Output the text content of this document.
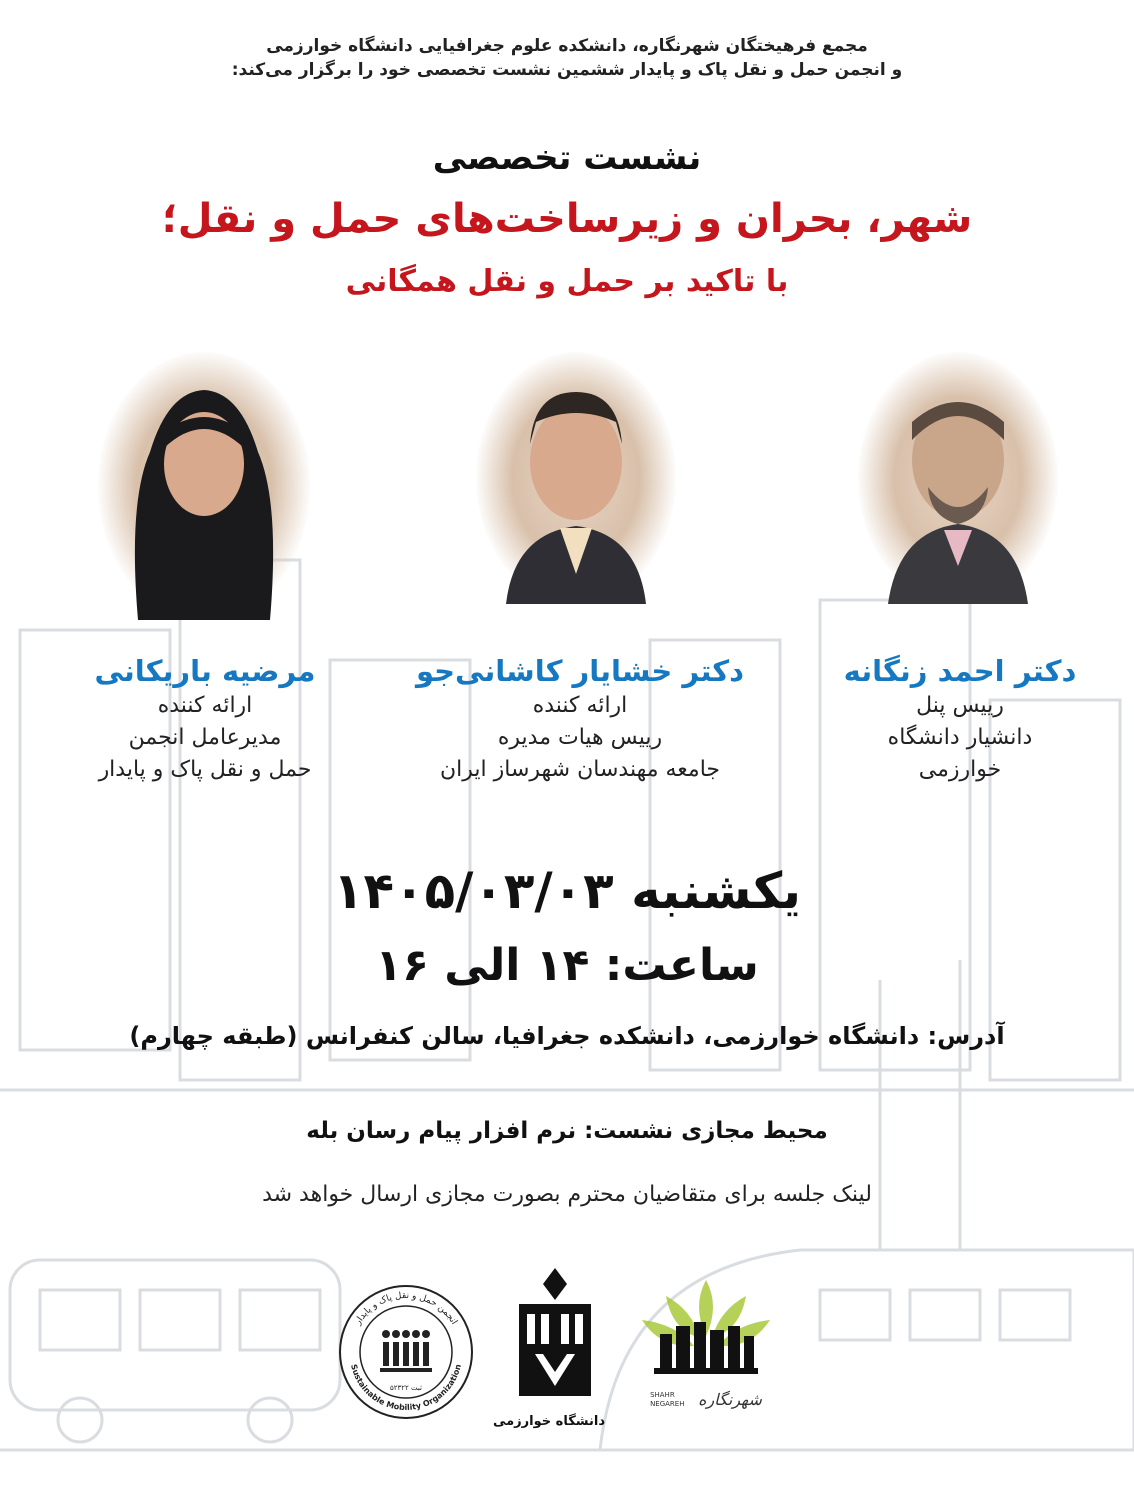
مجمع فرهیختگان شهرنگاره، دانشکده علوم جغرافیایی دانشگاه خوارزمی
و انجمن حمل و نقل پاک و پایدار ششمین نشست تخصصی خود را برگزار می‌کند:
نشست تخصصی
شهر، بحران و زیرساخت‌های حمل و نقل؛
با تاکید بر حمل و نقل همگانی
دکتر احمد زنگانه
رییس پنل
دانشیار دانشگاه
خوارزمی
دکتر خشایار کاشانی‌جو
ارائه کننده
رییس هیات مدیره
جامعه مهندسان شهرساز ایران
مرضیه باریکانی
ارائه کننده
مدیرعامل انجمن
حمل و نقل پاک و پایدار
یکشنبه ۱۴۰۵/۰۳/۰۳
ساعت: ۱۴ الی ۱۶
آدرس: دانشگاه خوارزمی، دانشکده جغرافیا، سالن کنفرانس (طبقه چهارم)
محیط مجازی نشست: نرم افزار پیام رسان بله
لینک جلسه برای متقاضیان محترم بصورت مجازی ارسال خواهد شد
انجمن حمل و نقل پاک و پایدار
Sustainable Mobility Organization
ثبت ۵۲۳۲۲
دانشگاه خوارزمی
شهرنگاره
SHAHR NEGAREH
